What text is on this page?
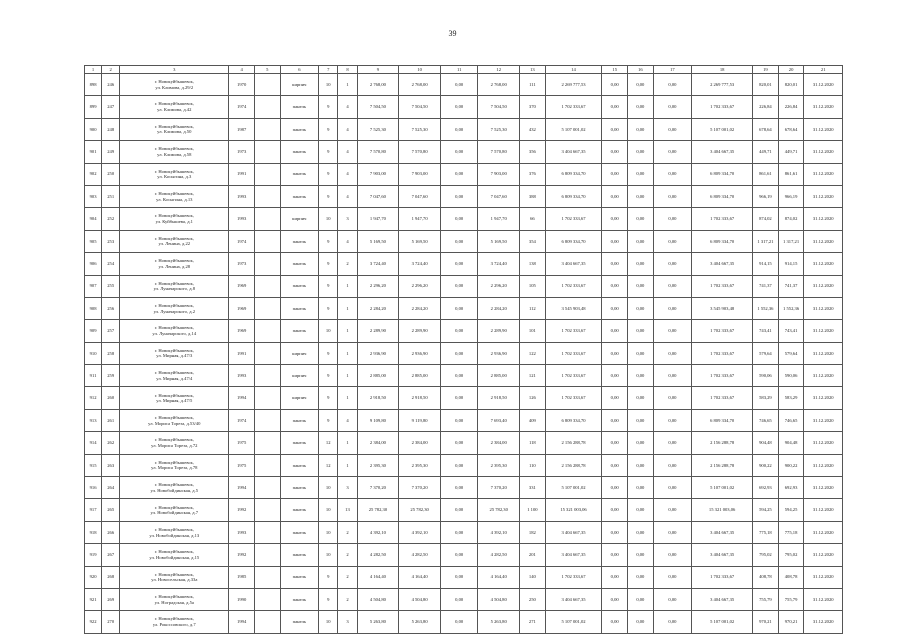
39
1	2	3	4	5	6	7	8	9	10	11	12	13	14	15	16	17	18	19	20	21
898	246	г. Новокуйбышевск,
ул. Климова, д.29/2	1970		кирпич	10	1	2 768,00	2 768,00	0,00	2 768,00	111	2 269 777,53	0,00	0,00	0,00	2 269 777,53	820,01	820,01	31.12.2020
899	247	г. Новокуйбышевск,
ул. Климова, д.42	1974		панель	9	4	7 504,50	7 504,50	0,00	7 504,50	370	1 702 333,67	0,00	0,00	0,00	1 702 333,67	226,84	226,84	31.12.2020
900	248	г. Новокуйбышевск,
ул. Климова, д.50	1987		панель	9	4	7 525,30	7 525,30	0,00	7 525,30	432	5 107 001,02	0,00	0,00	0,00	5 107 001,02	678,64	678,64	31.12.2020
901	249	г. Новокуйбышевск,
ул. Климова, д.58	1973		панель	9	4	7 570,80	7 570,80	0,00	7 570,80	356	3 404 667,35	0,00	0,00	0,00	3 404 667,35	449,71	449,71	31.12.2020
902	250	г. Новокуйбышевск,
ул. Косыгина, д.3	1991		панель	9	4	7 903,00	7 903,00	0,00	7 903,00	376	6 809 334,70	0,00	0,00	0,00	6 809 334,70	861,61	861,61	31.12.2020
903	251	г. Новокуйбышевск,
ул. Косыгина, д.13	1993		панель	9	4	7 047,60	7 047,60	0,00	7 047,60	388	6 809 334,70	0,00	0,00	0,00	6 809 334,70	966,19	966,19	31.12.2020
904	252	г. Новокуйбышевск,
ул. Куйбышева, д.1	1993		кирпич	10	3	1 947,70	1 947,70	0,00	1 947,70	66	1 702 333,67	0,00	0,00	0,00	1 702 333,67	874,02	874,02	31.12.2020
905	253	г. Новокуйбышевск,
ул. Ленина, д.22	1974		панель	9	4	5 169,50	5 169,50	0,00	5 169,50	354	6 809 334,70	0,00	0,00	0,00	6 809 334,70	1 317,21	1 317,21	31.12.2020
906	254	г. Новокуйбышевск,
ул. Ленина, д.28	1973		панель	9	2	3 724,40	3 724,40	0,00	3 724,40	138	3 404 667,35	0,00	0,00	0,00	3 404 667,35	914,15	914,15	31.12.2020
907	255	г. Новокуйбышевск,
ул. Луначарского, д.8	1969		панель	9	1	2 296,20	2 296,20	0,00	2 296,20	105	1 702 333,67	0,00	0,00	0,00	1 702 333,67	741,37	741,37	31.12.2020
908	256	г. Новокуйбышевск,
ул. Луначарского, д.2	1969		панель	9	1	2 284,20	2 284,20	0,00	2 284,20	112	3 545 903,48	0,00	0,00	0,00	3 545 903,48	1 552,36	1 552,36	31.12.2020
909	257	г. Новокуйбышевск,
ул. Луначарского, д.14	1969		панель	10	1	2 289,90	2 289,90	0,00	2 289,90	101	1 702 333,67	0,00	0,00	0,00	1 702 333,67	743,41	743,41	31.12.2020
910	258	г. Новокуйбышевск,
ул. Мирная, д.47/3	1991		кирпич	9	1	2 936,90	2 936,90	0,00	2 936,90	122	1 702 333,67	0,00	0,00	0,00	1 702 333,67	579,64	579,64	31.12.2020
911	259	г. Новокуйбышевск,
ул. Мирная, д.47/4	1993		кирпич	9	1	2 885,00	2 885,00	0,00	2 885,00	121	1 702 333,67	0,00	0,00	0,00	1 702 333,67	590,06	590,06	31.12.2020
912	260	г. Новокуйбышевск,
ул. Мирная, д.47/5	1994		кирпич	9	1	2 918,50	2 918,50	0,00	2 918,50	126	1 702 333,67	0,00	0,00	0,00	1 702 333,67	583,29	583,29	31.12.2020
913	261	г. Новокуйбышевск,
ул. Мориса Тореза, д.53/40	1974		панель	9	4	9 109,80	9 119,80	0,00	7 693,40	409	6 809 334,70	0,00	0,00	0,00	6 809 334,70	746,65	746,65	31.12.2020
914	262	г. Новокуйбышевск,
ул. Мориса Тореза, д.72	1975		панель	12	1	2 384,00	2 384,00	0,00	2 384,00	118	2 156 288,78	0,00	0,00	0,00	2 156 288,78	904,48	904,48	31.12.2020
915	263	г. Новокуйбышевск,
ул. Мориса Тореза, д.78	1975		панель	12	1	2 395,30	2 395,30	0,00	2 395,30	110	2 156 288,78	0,00	0,00	0,00	2 156 288,78	900,22	900,22	31.12.2020
916	264	г. Новокуйбышевск,
ул. Новобойдинская, д.5	1994		панель	10	3	7 370,20	7 370,20	0,00	7 370,20	331	5 107 001,02	0,00	0,00	0,00	5 107 001,02	692,93	692,93	31.12.2020
917	265	г. Новокуйбышевск,
ул. Новобойдинская, д.7	1992		панель	10	13	25 782,30	25 782,30	0,00	25 782,30	1 100	15 321 003,06	0,00	0,00	0,00	15 321 003,06	594,25	594,25	31.12.2020
918	266	г. Новокуйбышевск,
ул. Новобойдинская, д.13	1993		панель	10	2	4 392,10	4 392,10	0,00	4 392,10	182	3 404 667,35	0,00	0,00	0,00	3 404 667,35	775,18	775,18	31.12.2020
919	267	г. Новокуйбышевск,
ул. Новобойдинская, д.15	1992		панель	10	2	4 282,50	4 282,50	0,00	4 282,50	201	3 404 667,35	0,00	0,00	0,00	3 404 667,35	795,02	795,02	31.12.2020
920	268	г. Новокуйбышевск,
ул. Новосельская, д.33а	1985		панель	9	2	4 164,40	4 164,40	0,00	4 164,40	140	1 702 333,67	0,00	0,00	0,00	1 702 333,67	408,78	408,78	31.12.2020
921	269	г. Новокуйбышевск,
ул. Ноградская, д.5а	1990		панель	9	2	4 504,80	4 504,80	0,00	4 504,80	250	3 404 667,35	0,00	0,00	0,00	3 404 667,35	755,79	755,79	31.12.2020
922	270	г. Новокуйбышевск,
ул. Рокоссовского, д.7	1994		панель	10	3	5 263,80	5 263,80	0,00	5 263,80	271	5 107 001,02	0,00	0,00	0,00	5 107 001,02	970,21	970,21	31.12.2020
